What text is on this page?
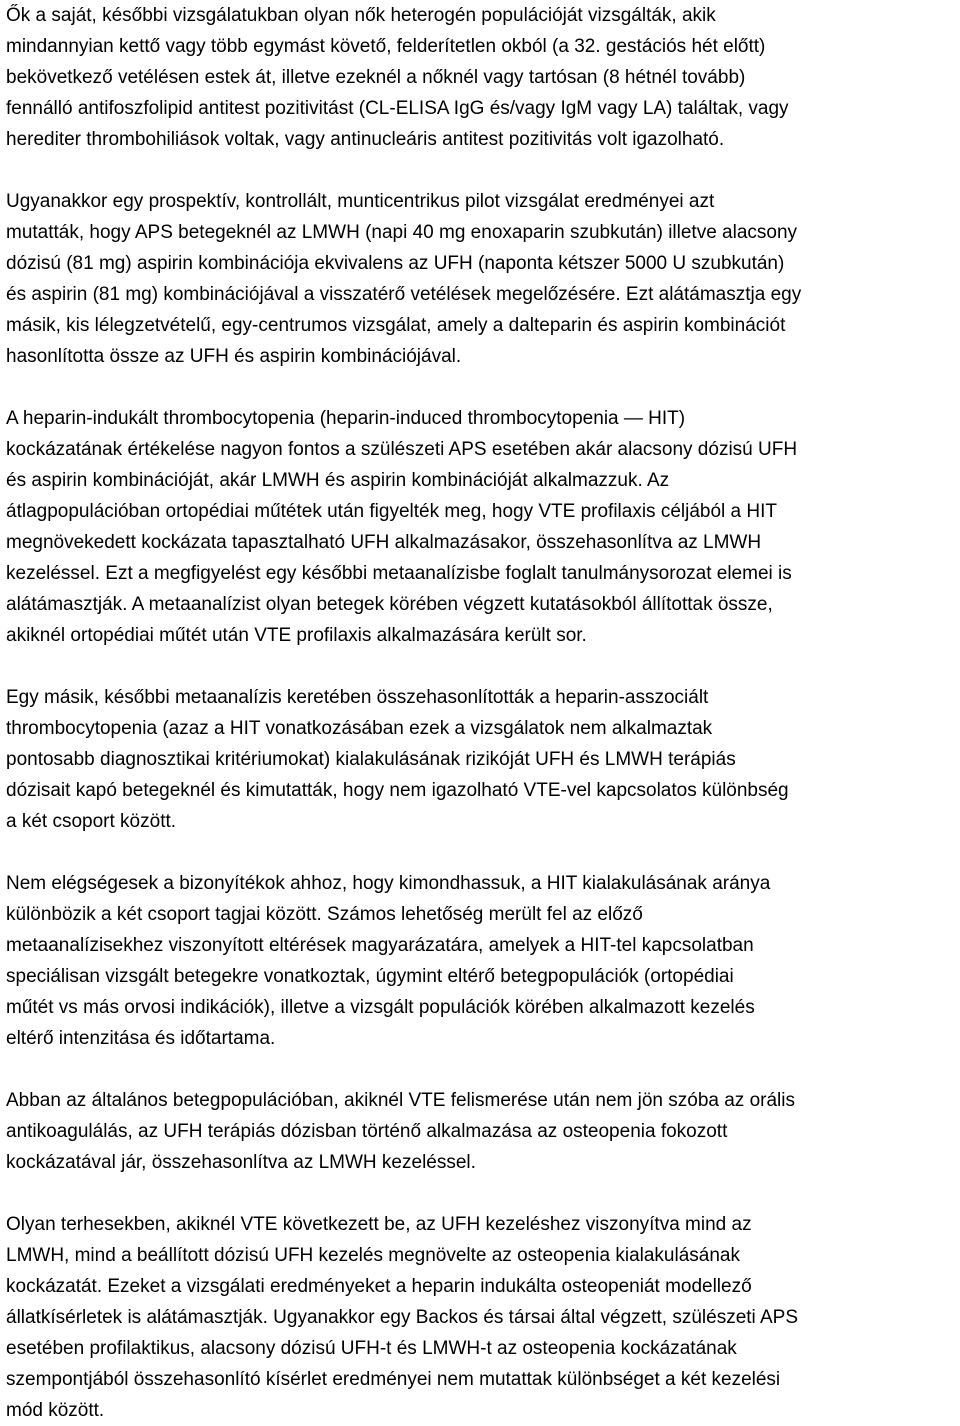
Ők a saját, későbbi vizsgálatukban olyan nők heterogén populációját vizsgálták, akik
mindannyian kettő vagy több egymást követő, felderítetlen okból (a 32. gestációs hét előtt)
bekövetkező vetélésen estek át, illetve ezeknél a nőknél vagy tartósan (8 hétnél tovább)
fennálló antifoszfolipid antitest pozitivitást (CL-ELISA IgG és/vagy IgM vagy LA) találtak, vagy
herediter thrombohiliások voltak, vagy antinucleáris antitest pozitivitás volt igazolható.

Ugyanakkor egy prospektív, kontrollált, munticentrikus pilot vizsgálat eredményei azt
mutatták, hogy APS betegeknél az LMWH (napi 40 mg enoxaparin szubkután) illetve alacsony
dózisú (81 mg) aspirin kombinációja ekvivalens az UFH (naponta kétszer 5000 U szubkután)
és aspirin (81 mg) kombinációjával a visszatérő vetélések megelőzésére. Ezt alátámasztja egy
másik, kis lélegzetvételű, egy-centrumos vizsgálat, amely a dalteparin és aspirin kombinációt
hasonlította össze az UFH és aspirin kombinációjával.

A heparin-indukált thrombocytopenia (heparin-induced thrombocytopenia — HIT)
kockázatának értékelése nagyon fontos a szülészeti APS esetében akár alacsony dózisú UFH
és aspirin kombinációját, akár LMWH és aspirin kombinációját alkalmazzuk. Az
átlagpopulációban ortopédiai műtétek után figyelték meg, hogy VTE profilaxis céljából a HIT
megnövekedett kockázata tapasztalható UFH alkalmazásakor, összehasonlítva az LMWH
kezeléssel. Ezt a megfigyelést egy későbbi metaanalízisbe foglalt tanulmánysorozat elemei is
alátámasztják. A metaanalízist olyan betegek körében végzett kutatásokból állítottak össze,
akiknél ortopédiai műtét után VTE profilaxis alkalmazására került sor.

Egy másik, későbbi metaanalízis keretében összehasonlították a heparin-asszociált
thrombocytopenia (azaz a HIT vonatkozásában ezek a vizsgálatok nem alkalmaztak
pontosabb diagnosztikai kritériumokat) kialakulásának rizikóját UFH és LMWH terápiás
dózisait kapó betegeknél és kimutatták, hogy nem igazolható VTE-vel kapcsolatos különbség
a két csoport között.

Nem elégségesek a bizonyítékok ahhoz, hogy kimondhassuk, a HIT kialakulásának aránya
különbözik a két csoport tagjai között. Számos lehetőség merült fel az előző
metaanalízisekhez viszonyított eltérések magyarázatára, amelyek a HIT-tel kapcsolatban
speciálisan vizsgált betegekre vonatkoztak, úgymint eltérő betegpopulációk (ortopédiai
műtét vs más orvosi indikációk), illetve a vizsgált populációk körében alkalmazott kezelés
eltérő intenzitása és időtartama.

Abban az általános betegpopulációban, akiknél VTE felismerése után nem jön szóba az orális
antikoagulálás, az UFH terápiás dózisban történő alkalmazása az osteopenia fokozott
kockázatával jár, összehasonlítva az LMWH kezeléssel.

Olyan terhesekben, akiknél VTE következett be, az UFH kezeléshez viszonyítva mind az
LMWH, mind a beállított dózisú UFH kezelés megnövelte az osteopenia kialakulásának
kockázatát. Ezeket a vizsgálati eredményeket a heparin indukálta osteopeniát modellező
állatkísérletek is alátámasztják. Ugyanakkor egy Backos és társai által végzett, szülészeti APS
esetében profilaktikus, alacsony dózisú UFH-t és LMWH-t az osteopenia kockázatának
szempontjából összehasonlító kísérlet eredményei nem mutattak különbséget a két kezelési
mód között.
